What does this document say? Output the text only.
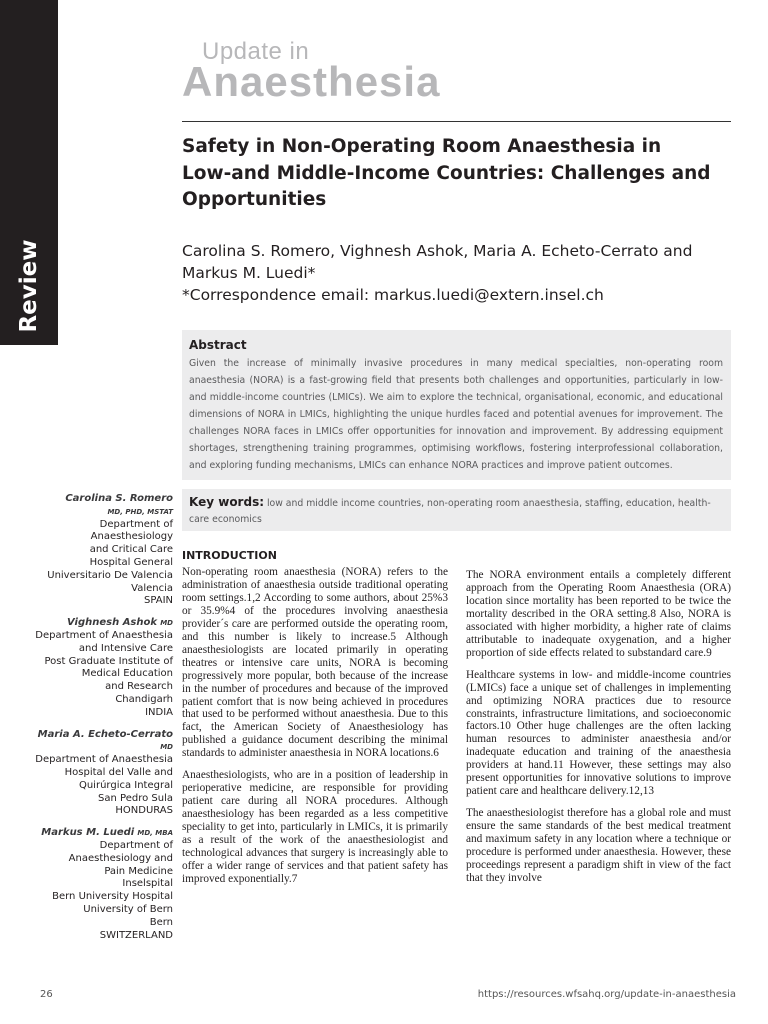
Review
Update in
Anaesthesia
Safety in Non-Operating Room Anaesthesia in Low-and Middle-Income Countries: Challenges and Opportunities
Carolina S. Romero, Vighnesh Ashok, Maria A. Echeto-Cerrato and Markus M. Luedi*
*Correspondence email: markus.luedi@extern.insel.ch
Abstract
Given the increase of minimally invasive procedures in many medical specialties, non-operating room anaesthesia (NORA) is a fast-growing field that presents both challenges and opportunities, particularly in low- and middle-income countries (LMICs). We aim to explore the technical, organisational, economic, and educational dimensions of NORA in LMICs, highlighting the unique hurdles faced and potential avenues for improvement. The challenges NORA faces in LMICs offer opportunities for innovation and improvement. By addressing equipment shortages, strengthening training programmes, optimising workflows, fostering interprofessional collaboration, and exploring funding mechanisms, LMICs can enhance NORA practices and improve patient outcomes.
Key words: low and middle income countries, non-operating room anaesthesia, staffing, education, health-care economics
Carolina S. Romero
MD, PHD, MSTAT
Department of
Anaesthesiology
and Critical Care
Hospital General
Universitario De Valencia
Valencia
SPAIN
Vighnesh Ashok MD
Department of Anaesthesia
and Intensive Care
Post Graduate Institute of
Medical Education
and Research
Chandigarh
INDIA
Maria A. Echeto-Cerrato MD
Department of Anaesthesia
Hospital del Valle and
Quirúrgica Integral
San Pedro Sula
HONDURAS
Markus M. Luedi MD, MBA
Department of
Anaesthesiology and
Pain Medicine
Inselspital
Bern University Hospital
University of Bern
Bern
SWITZERLAND
INTRODUCTION

Non-operating room anaesthesia (NORA) refers to the administration of anaesthesia outside traditional operating room settings.1,2 According to some authors, about 25%3 or 35.9%4 of the procedures involving anaesthesia provider´s care are performed outside the operating room, and this number is likely to increase.5 Although anaesthesiologists are located primarily in operating theatres or intensive care units, NORA is becoming progressively more popular, both because of the increase in the number of procedures and because of the improved patient comfort that is now being achieved in procedures that used to be performed without anaesthesia. Due to this fact, the American Society of Anaesthesiology has published a guidance document describing the minimal standards to administer anaesthesia in NORA locations.6

Anaesthesiologists, who are in a position of leadership in perioperative medicine, are responsible for providing patient care during all NORA procedures. Although anaesthesiology has been regarded as a less competitive speciality to get into, particularly in LMICs, it is primarily as a result of the work of the anaesthesiologist and technological advances that surgery is increasingly able to offer a wider range of services and that patient safety has improved exponentially.7

The NORA environment entails a completely different approach from the Operating Room Anaesthesia (ORA) location since mortality has been reported to be twice the mortality described in the ORA setting.8 Also, NORA is associated with higher morbidity, a higher rate of claims attributable to inadequate oxygenation, and a higher proportion of side effects related to substandard care.9

Healthcare systems in low- and middle-income countries (LMICs) face a unique set of challenges in implementing and optimizing NORA practices due to resource constraints, infrastructure limitations, and socioeconomic factors.10 Other huge challenges are the often lacking human resources to administer anaesthesia and/or inadequate education and training of the anaesthesia providers at hand.11 However, these settings may also present opportunities for innovative solutions to improve patient care and healthcare delivery.12,13

The anaesthesiologist therefore has a global role and must ensure the same standards of the best medical treatment and maximum safety in any location where a technique or procedure is performed under anaesthesia. However, these proceedings represent a paradigm shift in view of the fact that they involve

26	https://resources.wfsahq.org/update-in-anaesthesia
